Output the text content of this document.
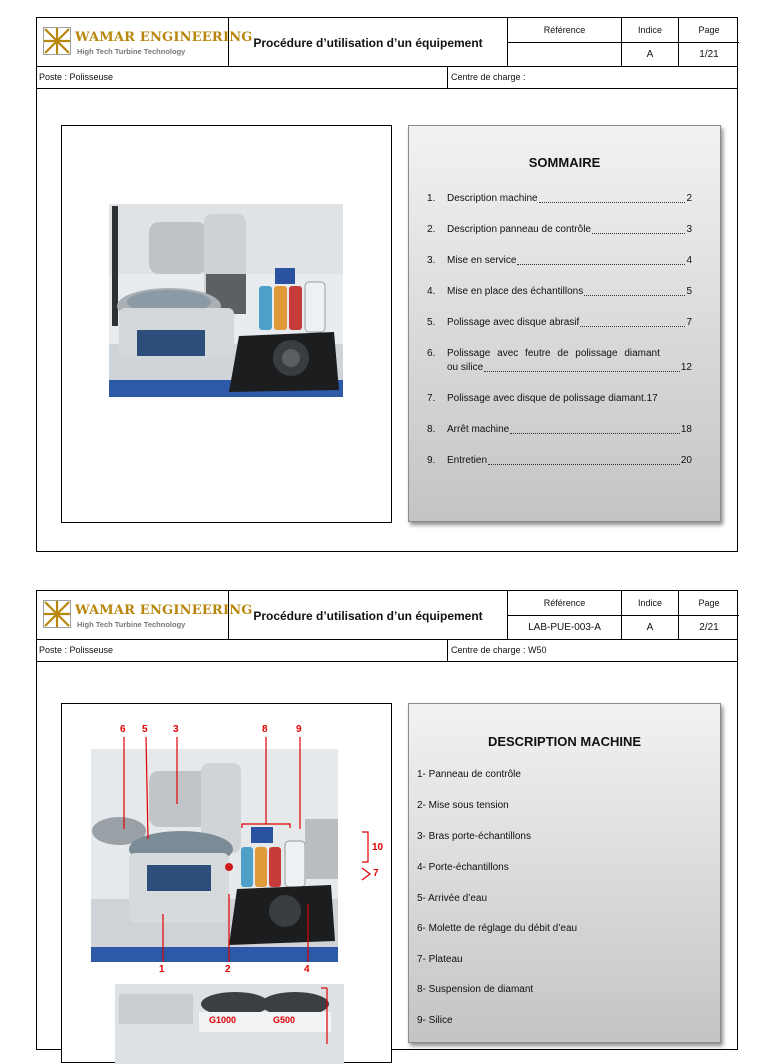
WAMAR ENGINEERING
High Tech Turbine Technology
Procédure d’utilisation d’un équipement
Référence	Indice
A
Page
1/21
Poste : Polisseuse	Centre de charge :
SOMMAIRE
1.	Description machine	2
2.	Description panneau de contrôle	3
3.	Mise en service	4
4.	Mise en place des échantillons	5
5.	Polissage avec disque abrasif	7
6.	Polissage avec feutre de polissage diamant
ou silice	12
7.	Polissage avec disque de polissage diamant. 17
8.	Arrêt machine	18
9.	Entretien	20
WAMAR ENGINEERING
High Tech Turbine Technology
Procédure d’utilisation d’un équipement
Référence
LAB-PUE-003-A
Indice
A
Page
2/21
Poste : Polisseuse	Centre de charge : W50
6 5	3	8	9
10
7
1	2	4
G1000	G500
DESCRIPTION MACHINE
1- Panneau de contrôle
2- Mise sous tension
3- Bras porte-échantillons
4- Porte-échantillons
5- Arrivée d’eau
6- Molette de réglage du débit d’eau
7- Plateau
8- Suspension de diamant
9- Silice
